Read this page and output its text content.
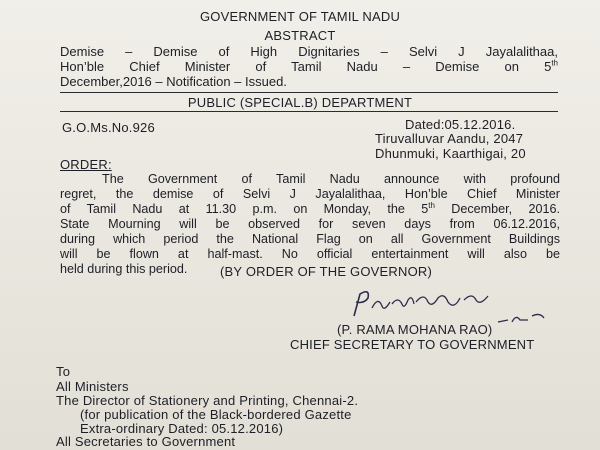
GOVERNMENT OF TAMIL NADU
ABSTRACT
Demise – Demise of High Dignitaries – Selvi J Jayalalithaa,
Hon’ble Chief Minister of Tamil Nadu – Demise on 5th
December,2016 – Notification – Issued.
PUBLIC (SPECIAL.B) DEPARTMENT
G.O.Ms.No.926	Dated:05.12.2016.
Tiruvalluvar Aandu, 2047
Dhunmuki, Kaarthigai, 20
ORDER:
The Government of Tamil Nadu announce with profound
regret, the demise of Selvi J Jayalalithaa, Hon’ble Chief Minister
of Tamil Nadu at 11.30 p.m. on Monday, the 5th December, 2016.
State Mourning will be observed for seven days from 06.12.2016,
during which period the National Flag on all Government Buildings
will be flown at half-mast. No official entertainment will also be
held during this period.	(BY ORDER OF THE GOVERNOR)
(P. RAMA MOHANA RAO)
CHIEF SECRETARY TO GOVERNMENT
To
All Ministers
The Director of Stationery and Printing, Chennai-2.
(for publication of the Black-bordered Gazette
Extra-ordinary Dated: 05.12.2016)
All Secretaries to Government
